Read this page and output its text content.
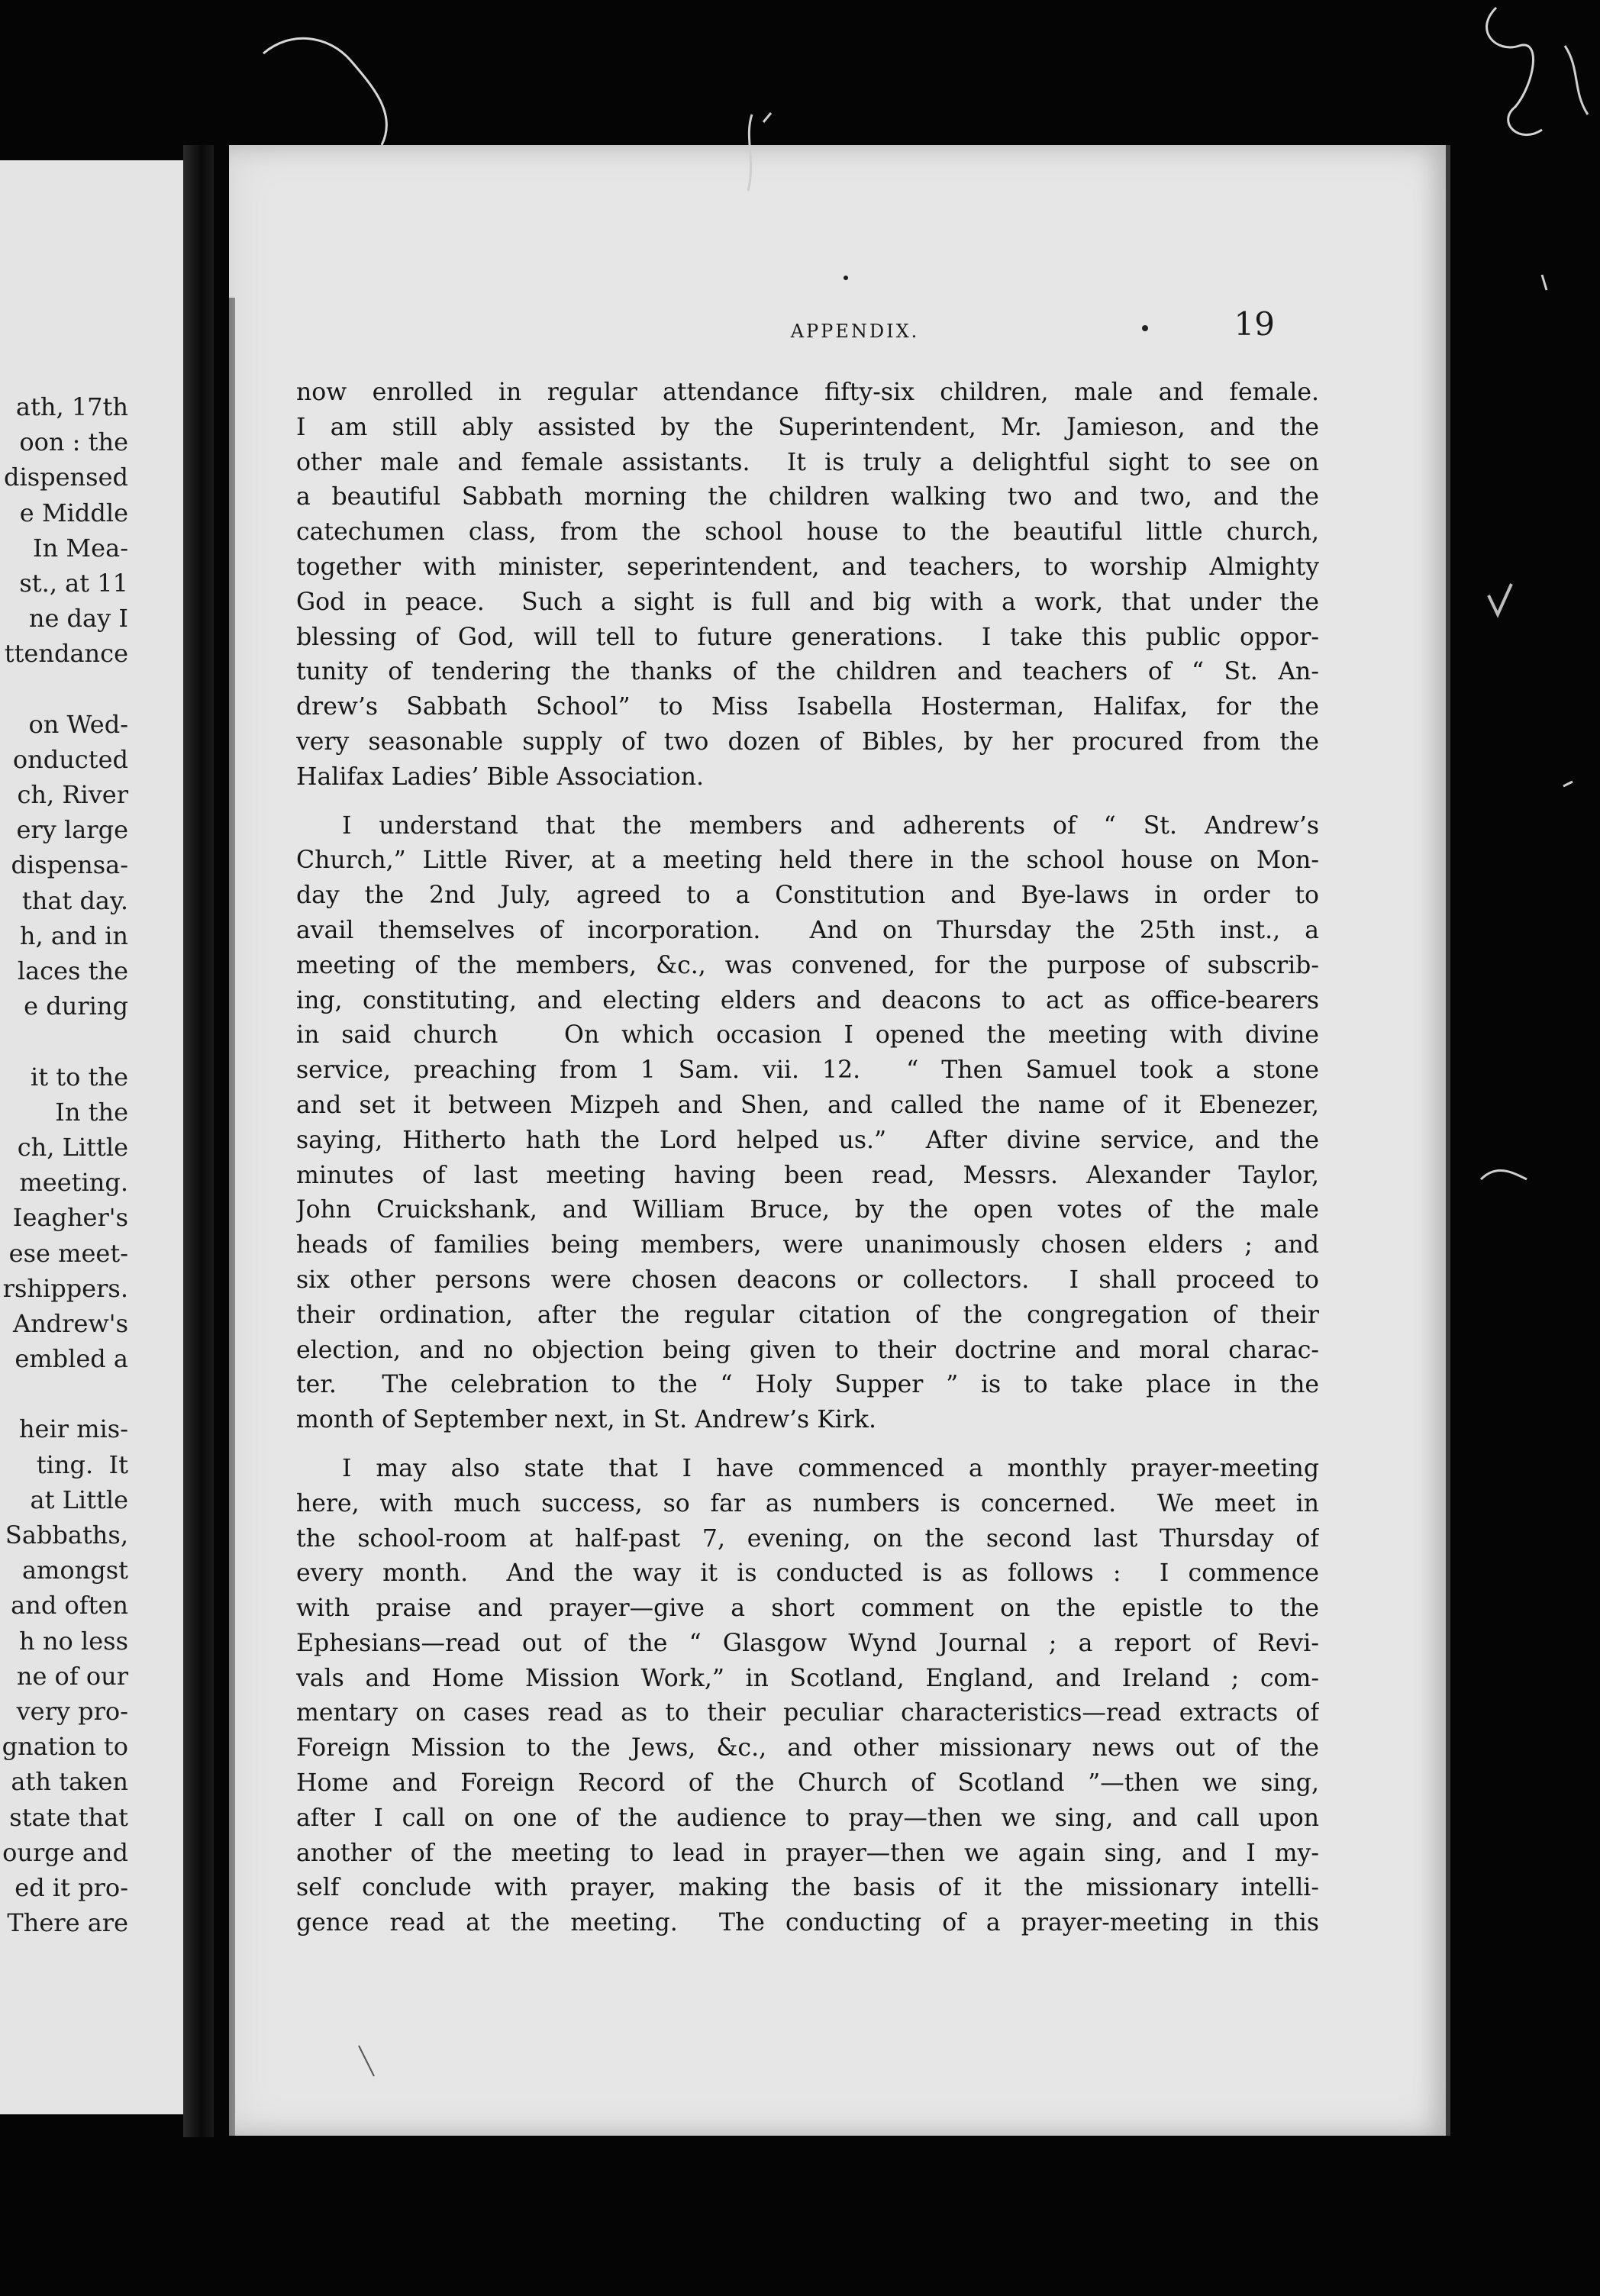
ath, 17th
oon : the
dispensed
e Middle
In Mea-
st., at 11
ne day I
ttendance
on Wed-
onducted
ch, River
ery large
dispensa-
that day.
h, and in
laces the
e during
it to the
In the
ch, Little
meeting.
Ieagher's
ese meet-
rshippers.
Andrew's
embled a
heir mis-
ting.  It
at Little
Sabbaths,
amongst
and often
h no less
ne of our
very pro-
gnation to
ath taken
state that
ourge and
ed it pro-
There are
APPENDIX.	19
now enrolled in regular attendance fifty-six children, male and female.
I am still ably assisted by the Superintendent, Mr. Jamieson, and the
other male and female assistants.  It is truly a delightful sight to see on
a beautiful Sabbath morning the children walking two and two, and the
catechumen class, from the school house to the beautiful little church,
together with minister, seperintendent, and teachers, to worship Almighty
God in peace.  Such a sight is full and big with a work, that under the
blessing of God, will tell to future generations.  I take this public oppor-
tunity of tendering the thanks of the children and teachers of “ St. An-
drew’s Sabbath School” to Miss Isabella Hosterman, Halifax, for the
very seasonable supply of two dozen of Bibles, by her procured from the
Halifax Ladies’ Bible Association.
I understand that the members and adherents of “ St. Andrew’s
Church,” Little River, at a meeting held there in the school house on Mon-
day the 2nd July, agreed to a Constitution and Bye-laws in order to
avail themselves of incorporation.  And on Thursday the 25th inst., a
meeting of the members, &c., was convened, for the purpose of subscrib-
ing, constituting, and electing elders and deacons to act as office-bearers
in said church   On which occasion I opened the meeting with divine
service, preaching from 1 Sam. vii. 12.  “ Then Samuel took a stone
and set it between Mizpeh and Shen, and called the name of it Ebenezer,
saying, Hitherto hath the Lord helped us.”  After divine service, and the
minutes of last meeting having been read, Messrs. Alexander Taylor,
John Cruickshank, and William Bruce, by the open votes of the male
heads of families being members, were unanimously chosen elders ; and
six other persons were chosen deacons or collectors.  I shall proceed to
their ordination, after the regular citation of the congregation of their
election, and no objection being given to their doctrine and moral charac-
ter.  The celebration to the “ Holy Supper ” is to take place in the
month of September next, in St. Andrew’s Kirk.
I may also state that I have commenced a monthly prayer-meeting
here, with much success, so far as numbers is concerned.  We meet in
the school-room at half-past 7, evening, on the second last Thursday of
every month.  And the way it is conducted is as follows :  I commence
with praise and prayer—give a short comment on the epistle to the
Ephesians—read out of the “ Glasgow Wynd Journal ; a report of Revi-
vals and Home Mission Work,” in Scotland, England, and Ireland ; com-
mentary on cases read as to their peculiar characteristics—read extracts of
Foreign Mission to the Jews, &c., and other missionary news out of the
Home and Foreign Record of the Church of Scotland ”—then we sing,
after I call on one of the audience to pray—then we sing, and call upon
another of the meeting to lead in prayer—then we again sing, and I my-
self conclude with prayer, making the basis of it the missionary intelli-
gence read at the meeting.  The conducting of a prayer-meeting in this
